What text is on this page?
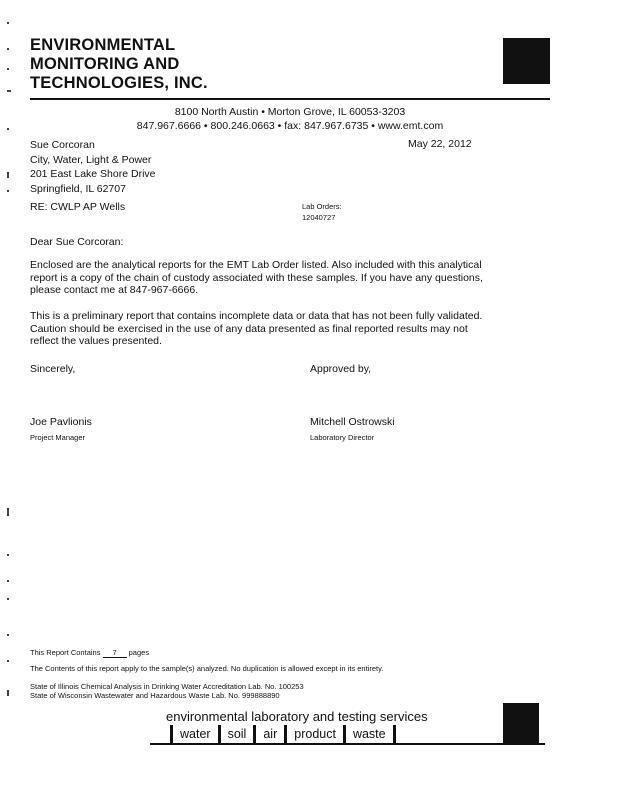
ENVIRONMENTAL
MONITORING AND
TECHNOLOGIES, INC.
8100 North Austin • Morton Grove, IL 60053-3203
847.967.6666 • 800.246.0663 • fax: 847.967.6735 • www.emt.com
Sue Corcoran
City, Water, Light & Power
201 East Lake Shore Drive
Springfield, IL 62707
May 22, 2012
RE: CWLP AP Wells	Lab Orders:
12040727
Dear Sue Corcoran:
Enclosed are the analytical reports for the EMT Lab Order listed. Also included with this analytical report is a copy of the chain of custody associated with these samples. If you have any questions, please contact me at 847-967-6666.
This is a preliminary report that contains incomplete data or data that has not been fully validated. Caution should be exercised in the use of any data presented as final reported results may not reflect the values presented.
Sincerely,	Approved by,
Joe Pavlionis
Project Manager
Mitchell Ostrowski
Laboratory Director
This Report Contains 7 pages
The Contents of this report apply to the sample(s) analyzed. No duplication is allowed except in its entirety.
State of Illinois Chemical Analysis in Drinking Water Accreditation Lab. No. 100253
State of Wisconsin Wastewater and Hazardous Waste Lab. No. 999888890
environmental laboratory and testing services
water	soil	air	product	waste
